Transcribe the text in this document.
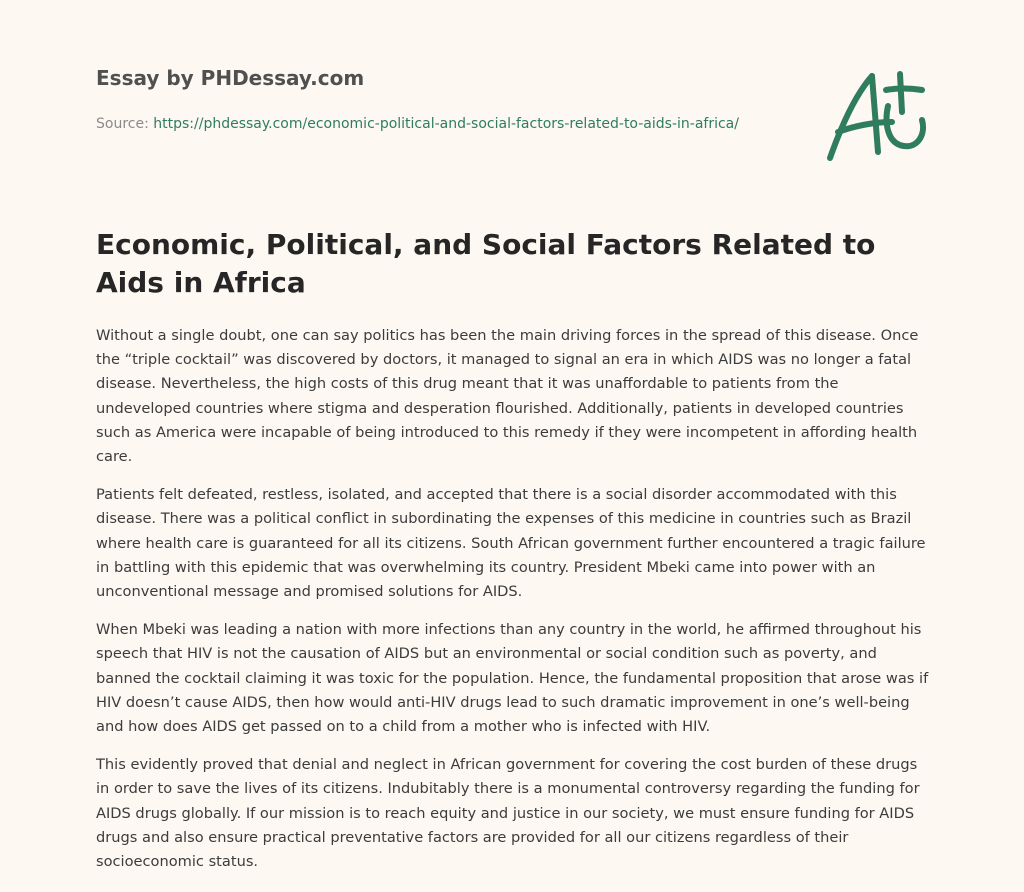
Essay by PHDessay.com

Source: https://phdessay.com/economic-political-and-social-factors-related-to-aids-in-africa/
Economic, Political, and Social Factors Related to Aids in Africa

Without a single doubt, one can say politics has been the main driving forces in the spread of this disease. Once the “triple cocktail” was discovered by doctors, it managed to signal an era in which AIDS was no longer a fatal disease. Nevertheless, the high costs of this drug meant that it was unaffordable to patients from the undeveloped countries where stigma and desperation flourished. Additionally, patients in developed countries such as America were incapable of being introduced to this remedy if they were incompetent in affording health care.

Patients felt defeated, restless, isolated, and accepted that there is a social disorder accommodated with this disease. There was a political conflict in subordinating the expenses of this medicine in countries such as Brazil where health care is guaranteed for all its citizens. South African government further encountered a tragic failure in battling with this epidemic that was overwhelming its country. President Mbeki came into power with an unconventional message and promised solutions for AIDS.

When Mbeki was leading a nation with more infections than any country in the world, he affirmed throughout his speech that HIV is not the causation of AIDS but an environmental or social condition such as poverty, and banned the cocktail claiming it was toxic for the population. Hence, the fundamental proposition that arose was if HIV doesn’t cause AIDS, then how would anti-HIV drugs lead to such dramatic improvement in one’s well-being and how does AIDS get passed on to a child from a mother who is infected with HIV.

This evidently proved that denial and neglect in African government for covering the cost burden of these drugs in order to save the lives of its citizens. Indubitably there is a monumental controversy regarding the funding for AIDS drugs globally. If our mission is to reach equity and justice in our society, we must ensure funding for AIDS drugs and also ensure practical preventative factors are provided for all our citizens regardless of their socioeconomic status.
